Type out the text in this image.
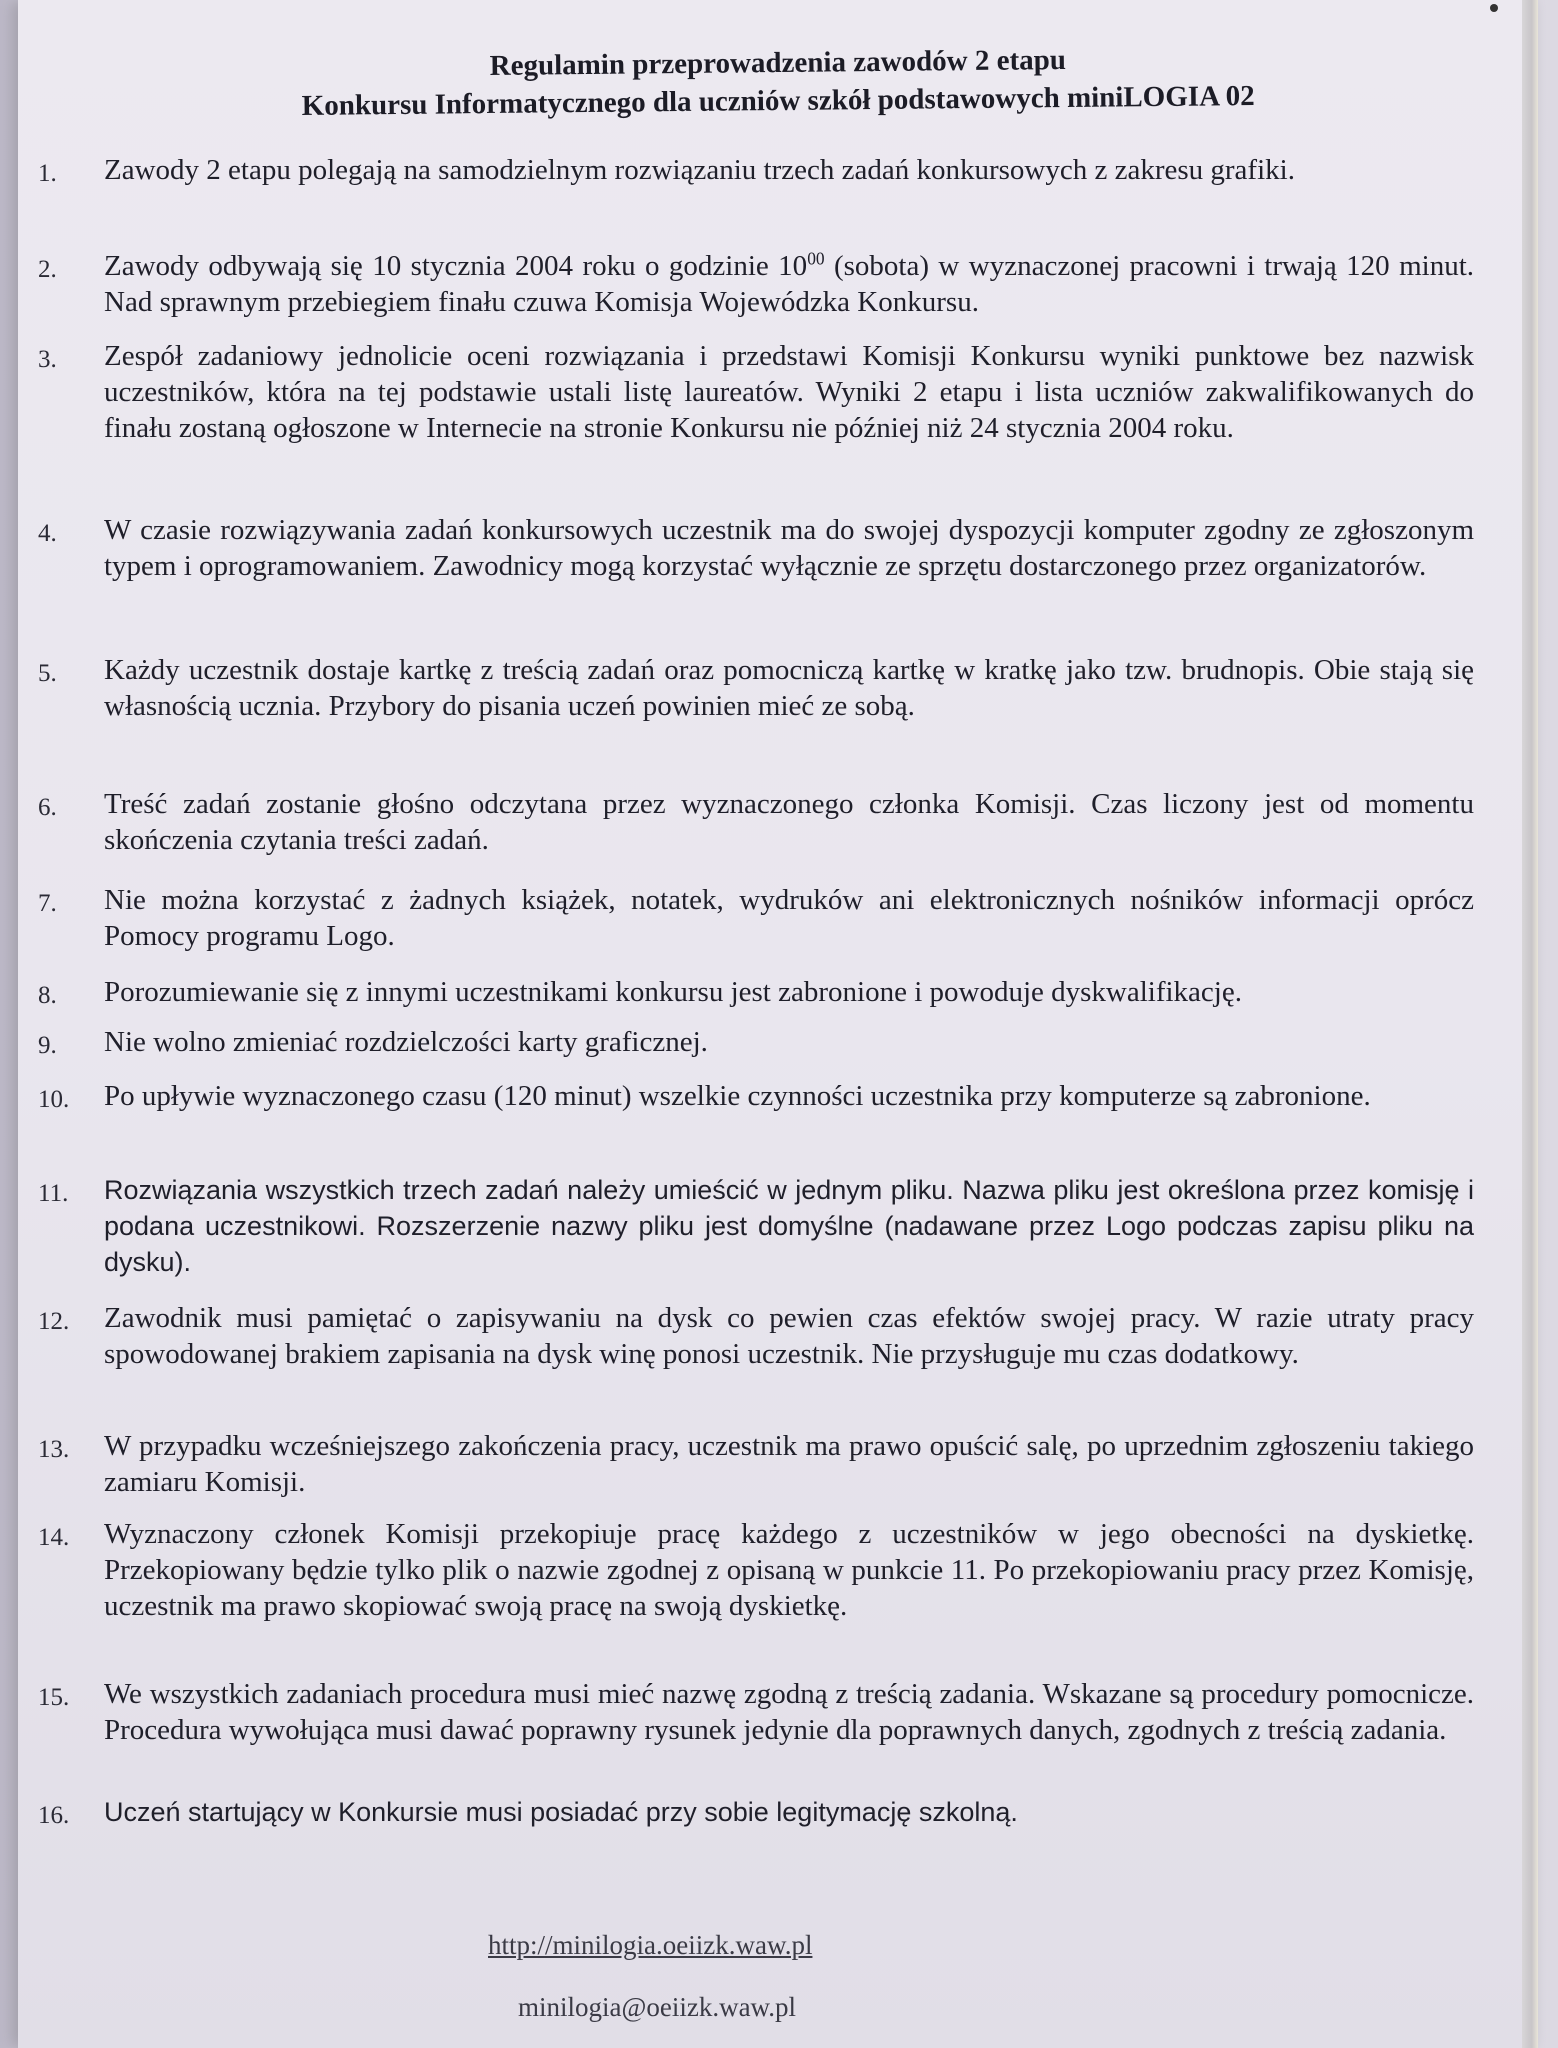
Regulamin przeprowadzenia zawodów 2 etapu
Konkursu Informatycznego dla uczniów szkół podstawowych miniLOGIA 02
1.	Zawody 2 etapu polegają na samodzielnym rozwiązaniu trzech zadań konkursowych z zakresu grafiki.
2.	Zawody odbywają się 10 stycznia 2004 roku o godzinie $10^{00}$ (sobota) w wyznaczonej pracowni i trwają 120 minut. Nad sprawnym przebiegiem finału czuwa Komisja Wojewódzka Konkursu.
3.	Zespół zadaniowy jednolicie oceni rozwiązania i przedstawi Komisji Konkursu wyniki punktowe bez nazwisk uczestników, która na tej podstawie ustali listę laureatów. Wyniki 2 etapu i lista uczniów zakwalifikowanych do finału zostaną ogłoszone w Internecie na stronie Konkursu nie później niż 24 stycznia 2004 roku.
4.	W czasie rozwiązywania zadań konkursowych uczestnik ma do swojej dyspozycji komputer zgodny ze zgłoszonym typem i oprogramowaniem. Zawodnicy mogą korzystać wyłącznie ze sprzętu dostarczonego przez organizatorów.
5.	Każdy uczestnik dostaje kartkę z treścią zadań oraz pomocniczą kartkę w kratkę jako tzw. brudnopis. Obie stają się własnością ucznia. Przybory do pisania uczeń powinien mieć ze sobą.
6.	Treść zadań zostanie głośno odczytana przez wyznaczonego członka Komisji. Czas liczony jest od momentu skończenia czytania treści zadań.
7.	Nie można korzystać z żadnych książek, notatek, wydruków ani elektronicznych nośników informacji oprócz Pomocy programu Logo.
8.	Porozumiewanie się z innymi uczestnikami konkursu jest zabronione i powoduje dyskwalifikację.
9.	Nie wolno zmieniać rozdzielczości karty graficznej.
10.	Po upływie wyznaczonego czasu (120 minut) wszelkie czynności uczestnika przy komputerze są zabronione.
11.	Rozwiązania wszystkich trzech zadań należy umieścić w jednym pliku. Nazwa pliku jest określona przez komisję i podana uczestnikowi. Rozszerzenie nazwy pliku jest domyślne (nadawane przez Logo podczas zapisu pliku na dysku).
12.	Zawodnik musi pamiętać o zapisywaniu na dysk co pewien czas efektów swojej pracy. W razie utraty pracy spowodowanej brakiem zapisania na dysk winę ponosi uczestnik. Nie przysługuje mu czas dodatkowy.
13.	W przypadku wcześniejszego zakończenia pracy, uczestnik ma prawo opuścić salę, po uprzednim zgłoszeniu takiego zamiaru Komisji.
14.	Wyznaczony członek Komisji przekopiuje pracę każdego z uczestników w jego obecności na dyskietkę. Przekopiowany będzie tylko plik o nazwie zgodnej z opisaną w punkcie 11. Po przekopiowaniu pracy przez Komisję, uczestnik ma prawo skopiować swoją pracę na swoją dyskietkę.
15.	We wszystkich zadaniach procedura musi mieć nazwę zgodną z treścią zadania. Wskazane są procedury pomocnicze. Procedura wywołująca musi dawać poprawny rysunek jedynie dla poprawnych danych, zgodnych z treścią zadania.
16.	Uczeń startujący w Konkursie musi posiadać przy sobie legitymację szkolną.
http://minilogia.oeiizk.waw.pl
minilogia@oeiizk.waw.pl
